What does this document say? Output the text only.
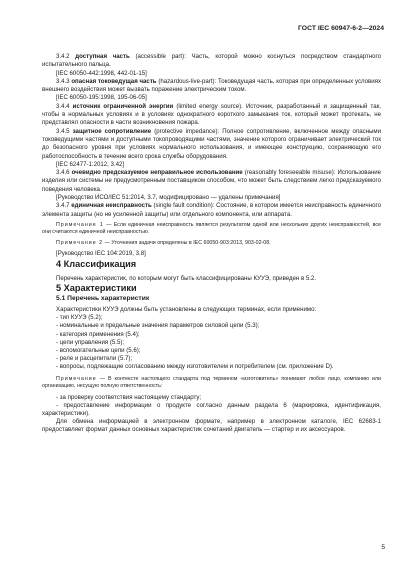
ГОСТ IEC 60947-6-2—2024

3.4.2 доступная часть (accessible part): Часть, которой можно коснуться посредством стандартного испытательного пальца.

[IEC 60050-442:1998, 442-01-15]

3.4.3 опасная токоведущая часть (hazardous-live-part): Токоведущая часть, которая при определенных условиях внешнего воздействия может вызвать поражение электрическим током.

[IEC 60050-195:1998, 195-06-05]

3.4.4 источник ограниченной энергии (limited energy source). Источник, разработанный и защищенный так, чтобы в нормальных условиях и в условиях однократного короткого замыкания ток, который может протекать, не представлял опасности в части возникновения пожара.

3.4.5 защитное сопротивление (protective impedance): Полное сопротивление, включенное между опасными токоведущими частями и доступными токопроводящими частями, значение которого ограничивает электрический ток до безопасного уровня при условиях нормального использования, и имеющее конструкцию, сохраняющую его работоспособность в течение всего срока службы оборудования.

[IEC 62477-1:2012, 3.42]

3.4.6 очевидно предсказуемое неправильное использование (reasonably foreseeable misuse): Использование изделия или системы не предусмотренным поставщиком способом, что может быть следствием легко предсказуемого поведения человека.

[Руководство ИСО/IEC 51:2014, 3.7, модифицировано — удалены примечания]

3.4.7 единичная неисправность (single fault condition): Состояние, в котором имеется неисправность единичного элемента защиты (но не усиленной защиты) или отдельного компонента, или аппарата.

Примечание 1 — Если единичная неисправность является результатом одной или нескольких других неисправностей, все они считаются единичной неисправностью.

Примечание 2 — Уточнения задачи определены в IEC 60050-903:2013, 903-02-08.

[Руководство IEC 104:2019, 3.8]

4 Классификация

Перечень характеристик, по которым могут быть классифицированы КУУЭ, приведен в 5.2.

5 Характеристики

5.1 Перечень характеристик

Характеристики КУУЭ должны быть установлены в следующих терминах, если применимо:

- тип КУУЭ (5.2);

- номинальные и предельные значения параметров силовой цепи (5.3);

- категория применения (5.4);

- цепи управления (5.5);

- вспомогательные цепи (5.6);

- реле и расцепители (5.7);

- вопросы, подлежащие согласованию между изготовителем и потребителем (см. приложение D).

Примечание — В контексте настоящего стандарта под термином «изготовитель» понимают любое лицо, компанию или организацию, несущую полную ответственность:

- за проверку соответствия настоящему стандарту;

- предоставление информации о продукте согласно данным раздела 6 (маркировка, идентификация, характеристики).

Для обмена информацией в электронном формате, например в электронном каталоге, IEC 62683-1 предоставляет формат данных основных характеристик сочетаний двигатель — стартер и их аксессуаров.

5
